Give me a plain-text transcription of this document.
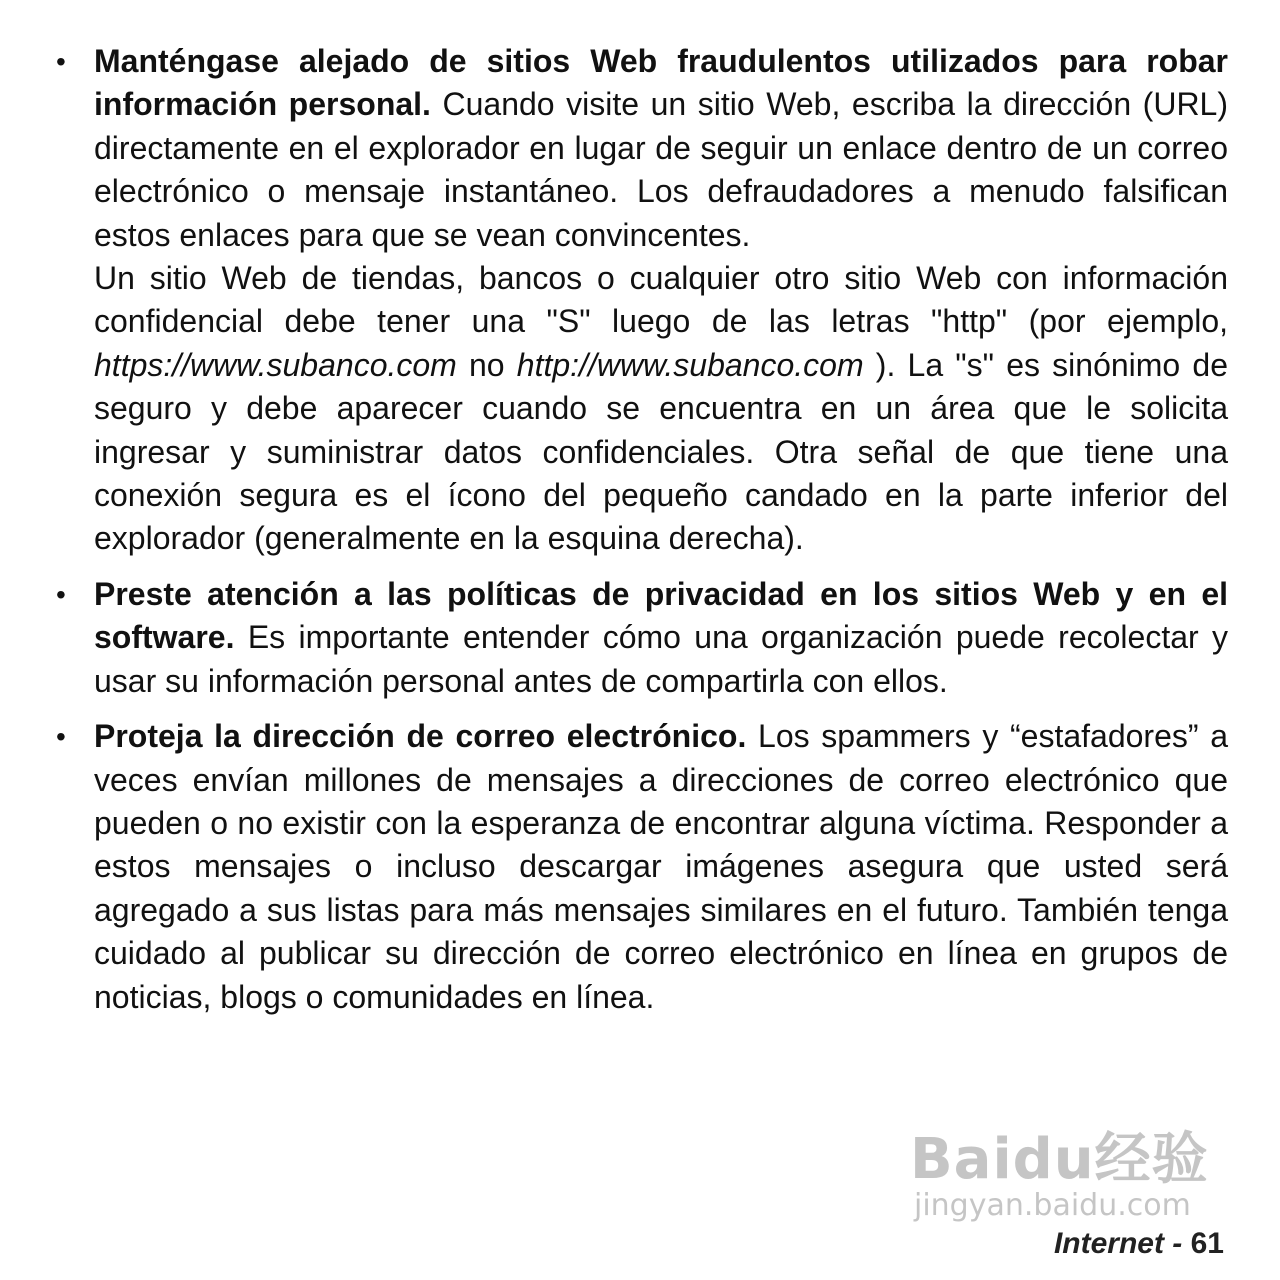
• Manténgase alejado de sitios Web fraudulentos utilizados para robar información personal. Cuando visite un sitio Web, escriba la dirección (URL) directamente en el explorador en lugar de seguir un enlace dentro de un correo electrónico o mensaje instantáneo. Los defraudadores a menudo falsifican estos enlaces para que se vean convincentes.

Un sitio Web de tiendas, bancos o cualquier otro sitio Web con información confidencial debe tener una "S" luego de las letras "http" (por ejemplo, https://www.subanco.com no http://www.subanco.com ). La "s" es sinónimo de seguro y debe aparecer cuando se encuentra en un área que le solicita ingresar y suministrar datos confidenciales. Otra señal de que tiene una conexión segura es el ícono del pequeño candado en la parte inferior del explorador (generalmente en la esquina derecha).

• Preste atención a las políticas de privacidad en los sitios Web y en el software. Es importante entender cómo una organización puede recolectar y usar su información personal antes de compartirla con ellos.

• Proteja la dirección de correo electrónico. Los spammers y “estafadores” a veces envían millones de mensajes a direcciones de correo electrónico que pueden o no existir con la esperanza de encontrar alguna víctima. Responder a estos mensajes o incluso descargar imágenes asegura que usted será agregado a sus listas para más mensajes similares en el futuro. También tenga cuidado al publicar su dirección de correo electrónico en línea en grupos de noticias, blogs o comunidades en línea.

Baidu经验
jingyan.baidu.com
Internet - 61
